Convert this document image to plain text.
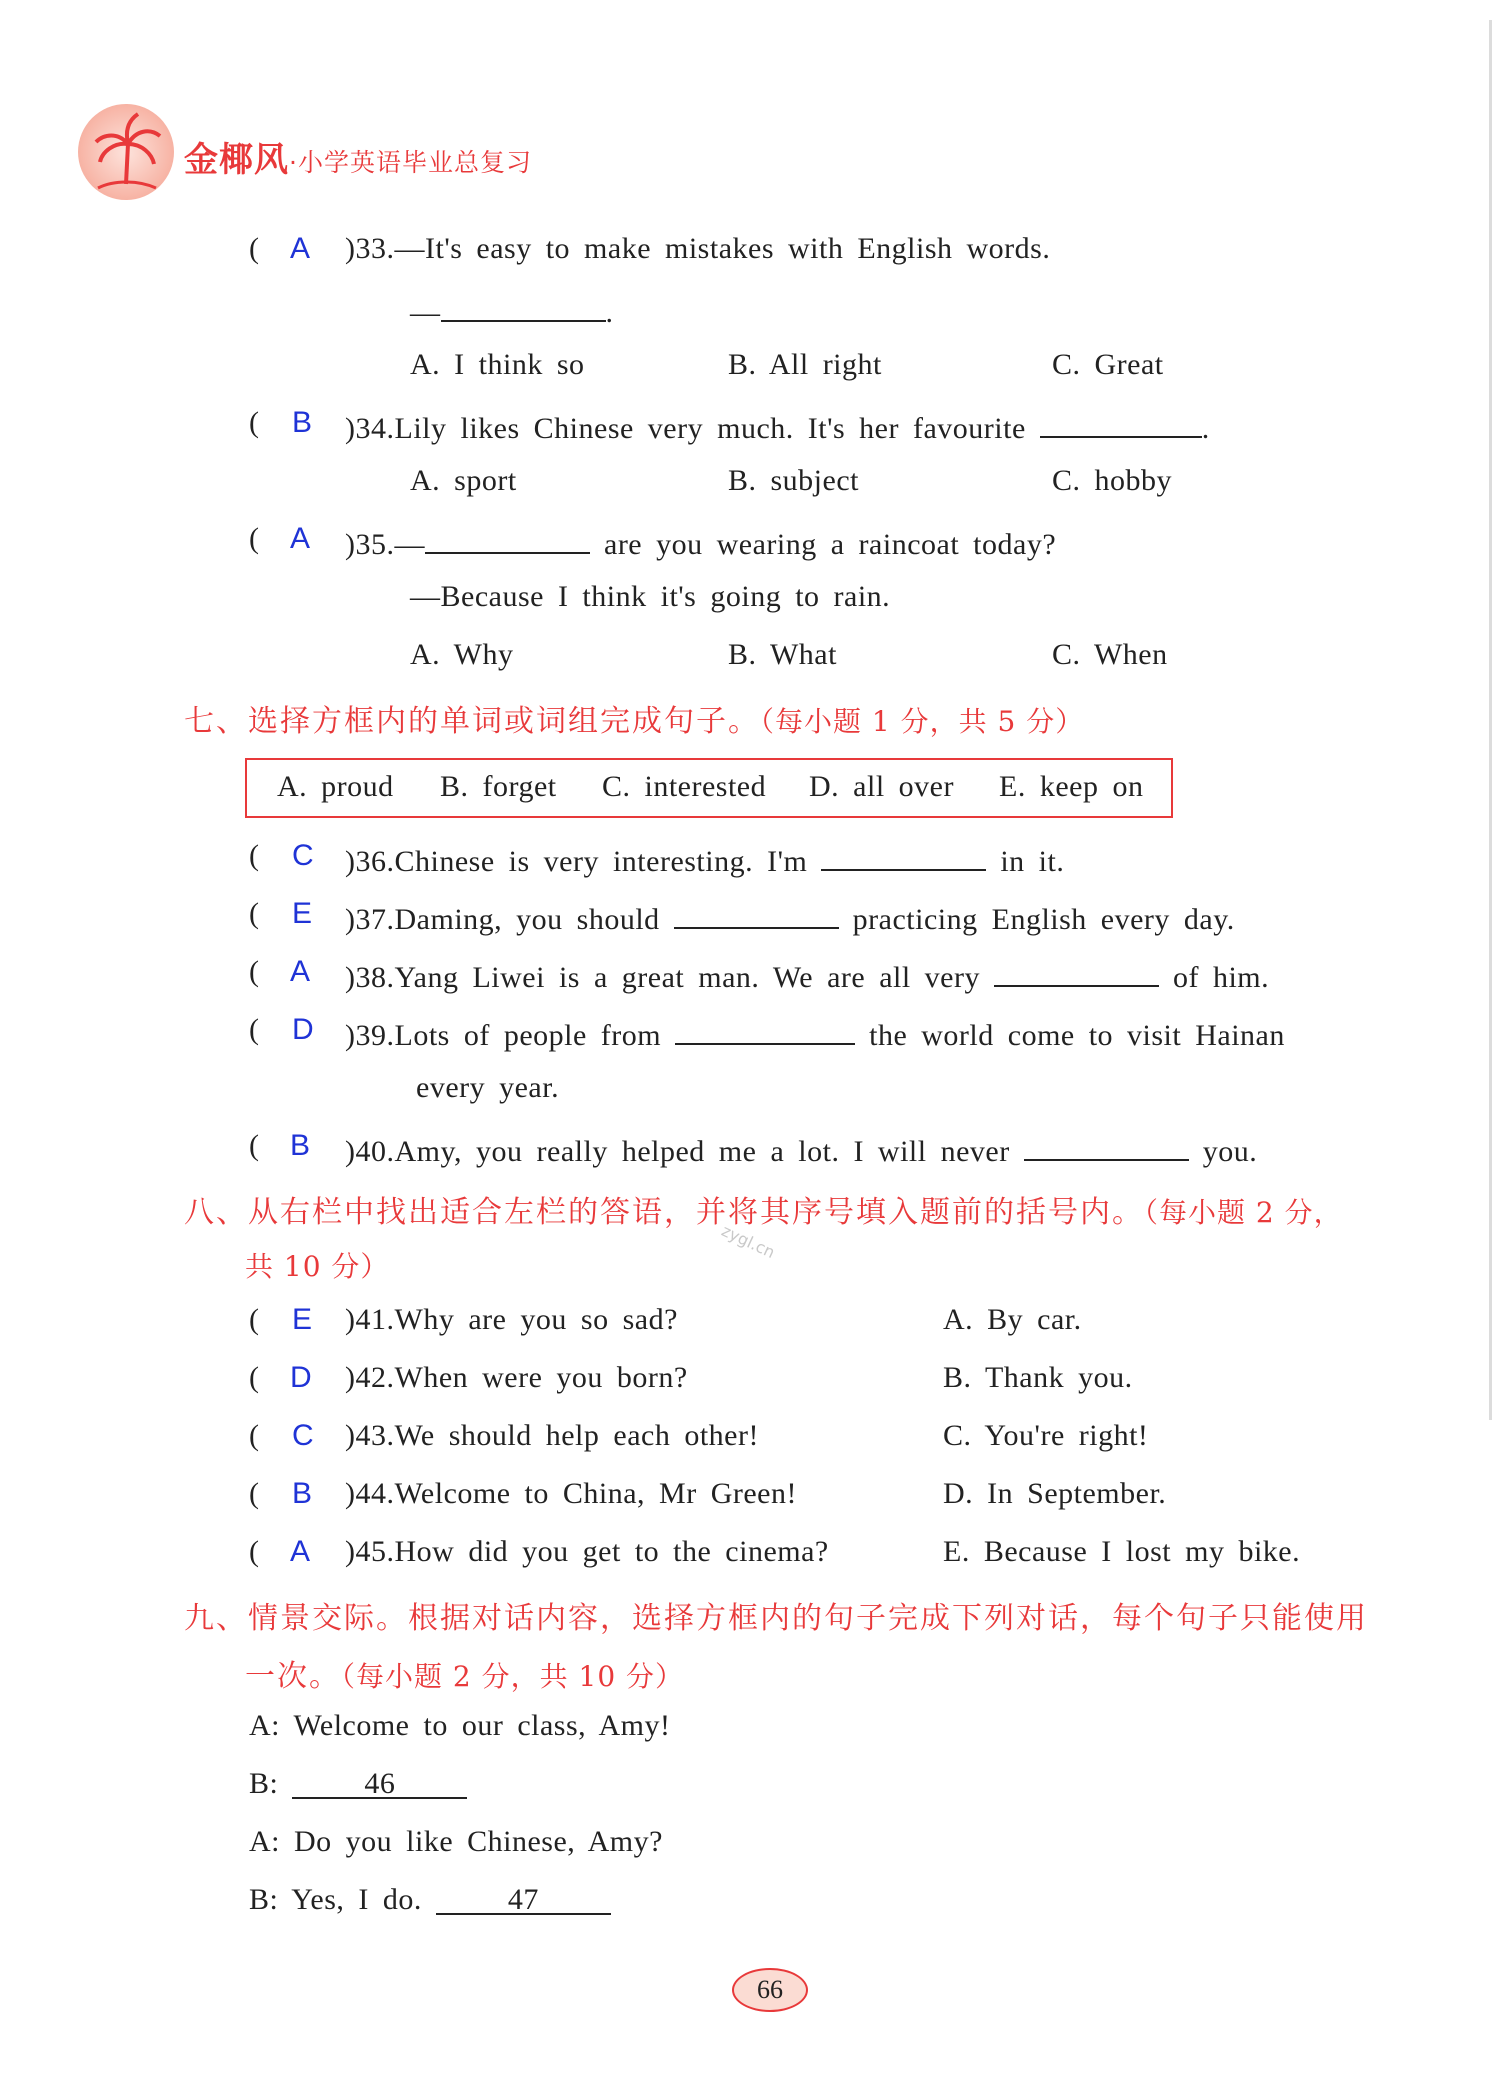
金椰风·小学英语毕业总复习
( A )33.—It's easy to make mistakes with English words.
—	.
A. I think so	B. All right	C. Great
( B )34.Lily likes Chinese very much. It's her favourite	.
A. sport	B. subject	C. hobby
( A )35.—	are you wearing a raincoat today?
—Because I think it's going to rain.
A. Why	B. What	C. When
七、选择方框内的单词或词组完成句子。（每小题 1 分，共 5 分）
A. proud B. forget C. interested D. all over E. keep on
( C )36.Chinese is very interesting. I'm	in it.
( E )37.Daming, you should	practicing English every day.
( A )38.Yang Liwei is a great man. We are all very	of him.
( D )39.Lots of people from	the world come to visit Hainan
every year.
( B )40.Amy, you really helped me a lot. I will never	you.
八、从右栏中找出适合左栏的答语，并将其序号填入题前的括号内。（每小题 2 分，
共 10 分）
zygl.cn
( E )41.Why are you so sad?	A. By car.
( D )42.When were you born?	B. Thank you.
( C )43.We should help each other!	C. You're right!
( B )44.Welcome to China, Mr Green!	D. In September.
( A )45.How did you get to the cinema?	E. Because I lost my bike.
九、情景交际。根据对话内容，选择方框内的句子完成下列对话，每个句子只能使用
一次。（每小题 2 分，共 10 分）
A: Welcome to our class, Amy!
B:	46
A: Do you like Chinese, Amy?
B: Yes, I do.	47
66
